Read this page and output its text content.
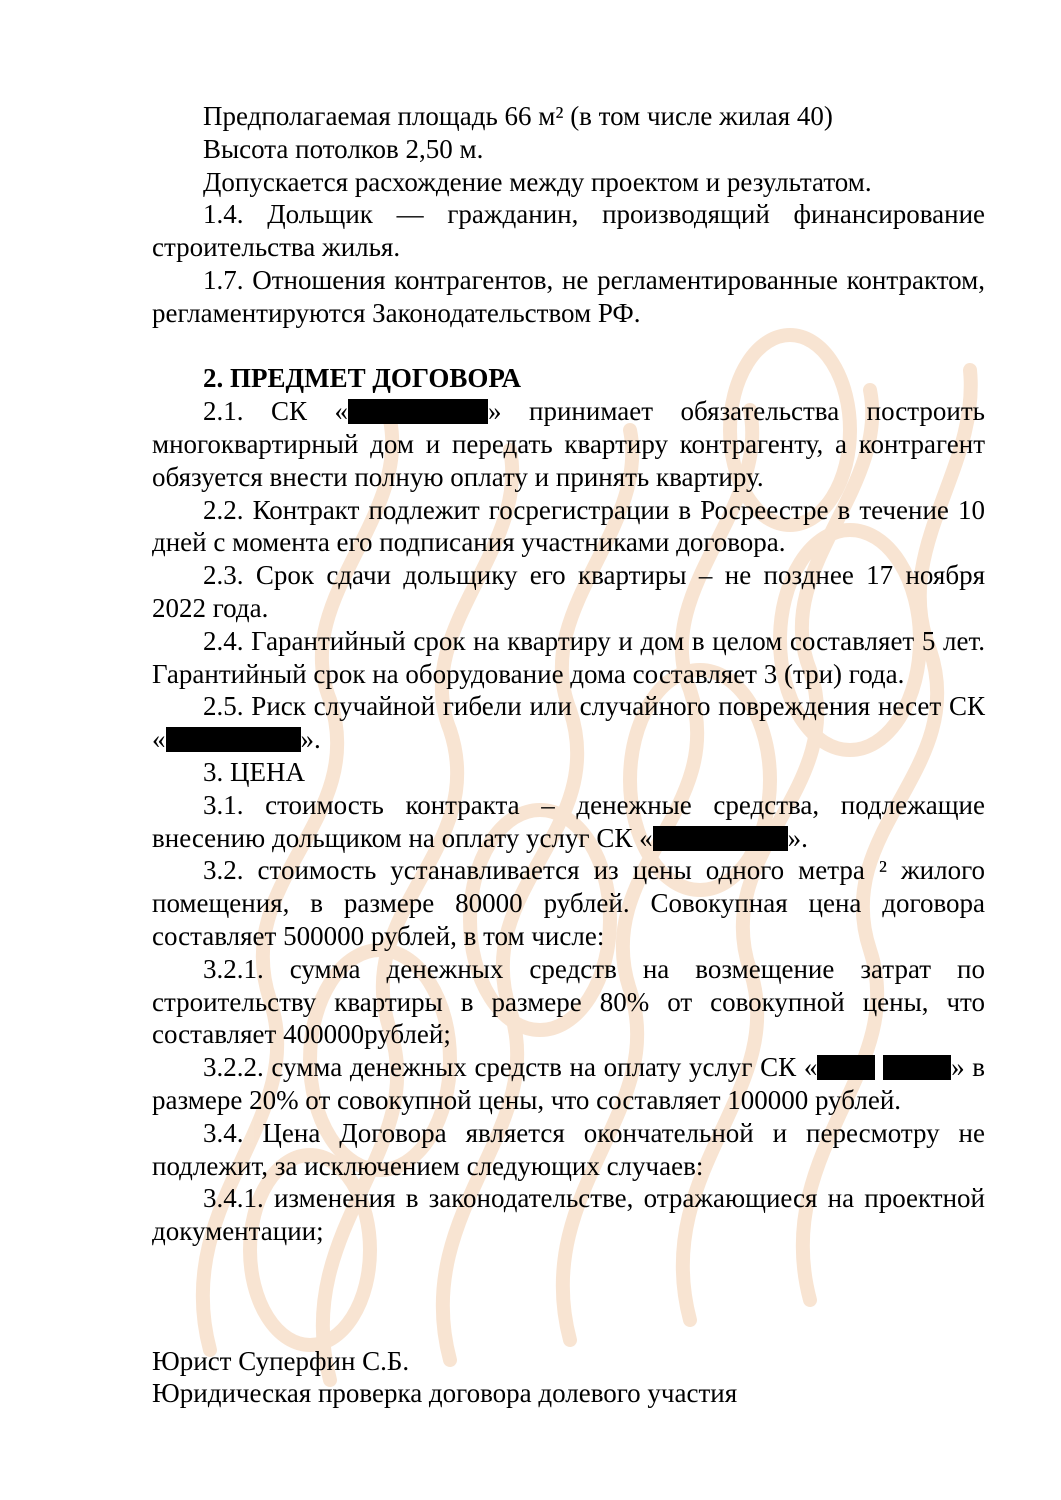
Предполагаемая площадь 66 м² (в том числе жилая 40)

Высота потолков 2,50 м.

Допускается расхождение между проектом и результатом.

1.4. Дольщик — гражданин, производящий финансирование строительства жилья.

1.7. Отношения контрагентов, не регламентированные контрактом, регламентируются Законодательством РФ.

2. ПРЕДМЕТ ДОГОВОРА

2.1. СК «	» принимает обязательства построить многоквартирный дом и передать квартиру контрагенту, а контрагент обязуется внести полную оплату и принять квартиру.

2.2. Контракт подлежит госрегистрации в Росреестре в течение 10 дней с момента его подписания участниками договора.

2.3. Срок сдачи дольщику его квартиры – не позднее 17 ноября 2022 года.

2.4. Гарантийный срок на квартиру и дом в целом составляет 5 лет. Гарантийный срок на оборудование дома составляет 3 (три) года.

2.5. Риск случайной гибели или случайного повреждения несет СК «	».

3. ЦЕНА

3.1. стоимость контракта – денежные средства, подлежащие внесению дольщиком на оплату услуг СК «	».

3.2. стоимость устанавливается из цены одного метра ² жилого помещения, в размере 80000 рублей. Совокупная цена договора составляет 500000 рублей, в том числе:

3.2.1. сумма денежных средств на возмещение затрат по строительству квартиры в размере 80% от совокупной цены, что составляет 400000рублей;

3.2.2. сумма денежных средств на оплату услуг СК «	» в размере 20% от совокупной цены, что составляет 100000 рублей.

3.4. Цена Договора является окончательной и пересмотру не подлежит, за исключением следующих случаев:

3.4.1. изменения в законодательстве, отражающиеся на проектной документации;

Юрист Суперфин С.Б.
Юридическая проверка договора долевого участия
